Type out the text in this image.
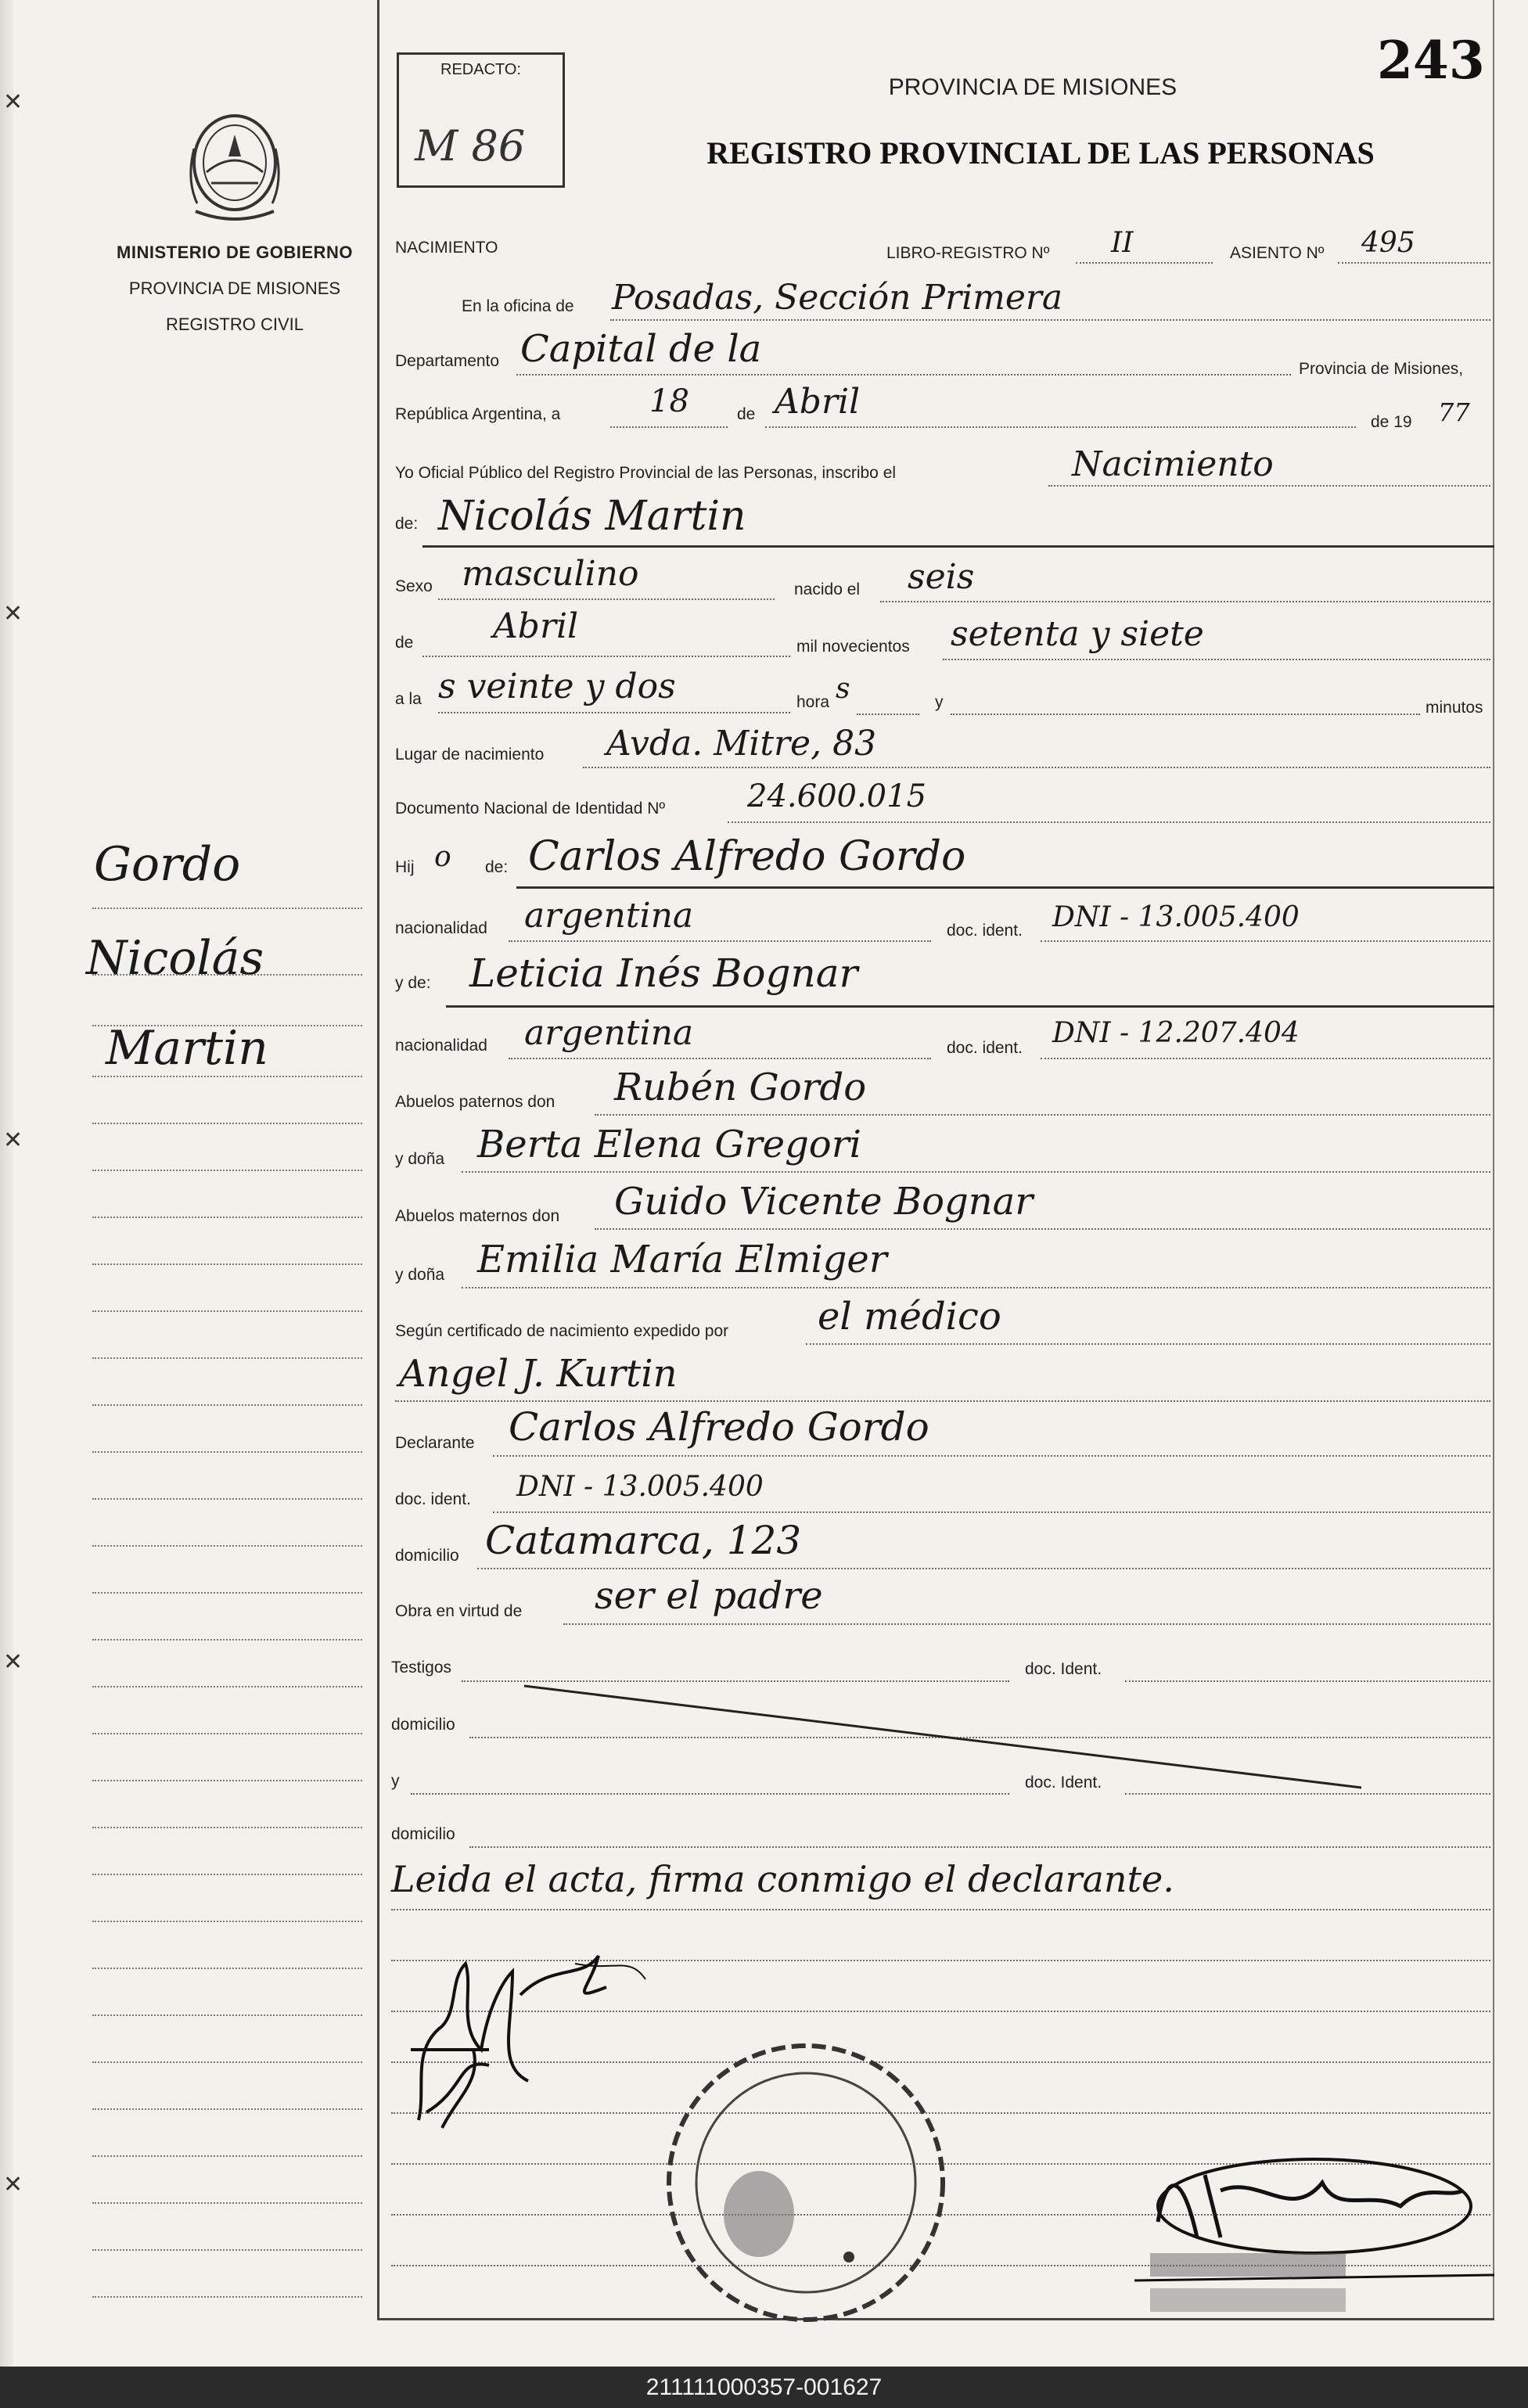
✕
✕
✕
✕
✕
MINISTERIO DE GOBIERNO
PROVINCIA DE MISIONES
REGISTRO CIVIL
REDACTO:
M 86
243
PROVINCIA DE MISIONES
REGISTRO PROVINCIAL DE LAS PERSONAS
NACIMIENTO	LIBRO-REGISTRO Nº II	ASIENTO Nº 495
En la oficina de Posadas, Sección Primera
Departamento Capital de la	Provincia de Misiones,
República Argentina, a	18	de Abril
de 19 77
Yo Oficial Público del Registro Provincial de las Personas, inscribo el	Nacimiento
de: Nicolás Martin
Sexo masculino	nacido el seis
de Abril
mil novecientos setenta y siete
a la s veinte y dos	hora s	y	minutos
Lugar de nacimiento Avda. Mitre, 83
Documento Nacional de Identidad Nº	24.600.015
Hij o de: Carlos Alfredo Gordo
nacionalidad argentina	doc. ident. DNI - 13.005.400
y de: Leticia Inés Bognar
nacionalidad argentina	doc. ident. DNI - 12.207.404
Abuelos paternos don Rubén Gordo
y doña Berta Elena Gregori
Abuelos maternos don Guido Vicente Bognar
y doña Emilia María Elmiger
Según certificado de nacimiento expedido por el médico
Angel J. Kurtin
Declarante Carlos Alfredo Gordo
doc. ident. DNI - 13.005.400
domicilio Catamarca, 123
Obra en virtud de ser el padre
Testigos	doc. Ident.
domicilio
y	doc. Ident.
domicilio
Leida el acta, firma conmigo el declarante.
Gordo
Nicolás
Martin
211111000357-001627
